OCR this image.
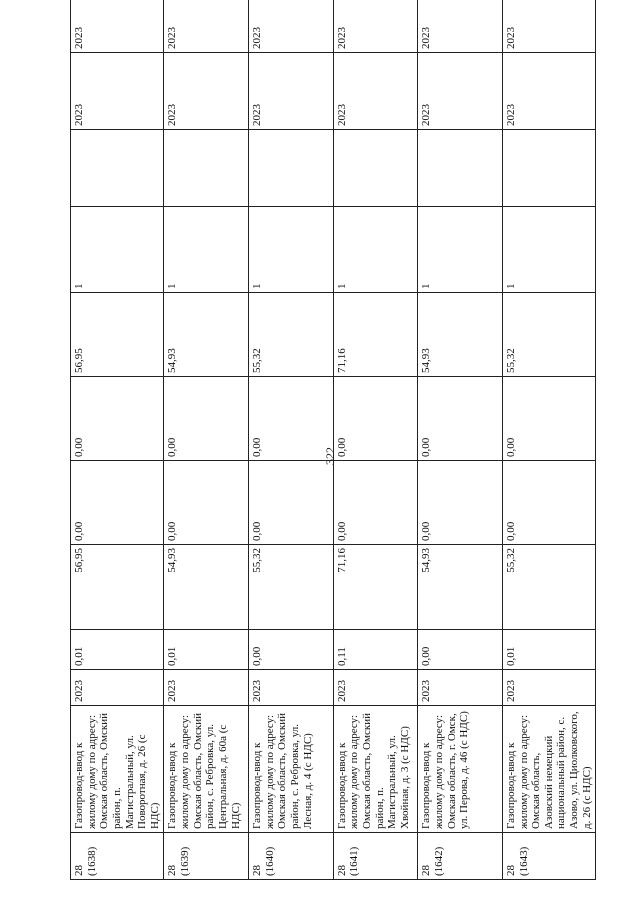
322
28
(1638)	Газопровод-ввод к жилому дому по адресу: Омская область, Омский район, п. Магистральный, ул. Поворотная, д. 26 (с НДС)	2023	0,01	56,95	0,00	0,00	56,95	1		2023	2023
28
(1639)	Газопровод-ввод к жилому дому по адресу: Омская область, Омский район, с. Ребровка, ул. Центральная, д. 60а (с НДС)	2023	0,01	54,93	0,00	0,00	54,93	1		2023	2023
28
(1640)	Газопровод-ввод к жилому дому по адресу: Омская область, Омский район, с. Ребровка, ул. Лесная, д. 4 (с НДС)	2023	0,00	55,32	0,00	0,00	55,32	1		2023	2023
28
(1641)	Газопровод-ввод к жилому дому по адресу: Омская область, Омский район, п. Магистральный, ул. Хвойная, д. 3 (с НДС)	2023	0,11	71,16	0,00	0,00	71,16	1		2023	2023
28
(1642)	Газопровод-ввод к жилому дому по адресу: Омская область, г. Омск, ул. Перова, д. 46 (с НДС)	2023	0,00	54,93	0,00	0,00	54,93	1		2023	2023
28
(1643)	Газопровод-ввод к жилому дому по адресу: Омская область, Азовский немецкий национальный район, с. Азово, ул. Циолковского, д. 26 (с НДС)	2023	0,01	55,32	0,00	0,00	55,32	1		2023	2023
